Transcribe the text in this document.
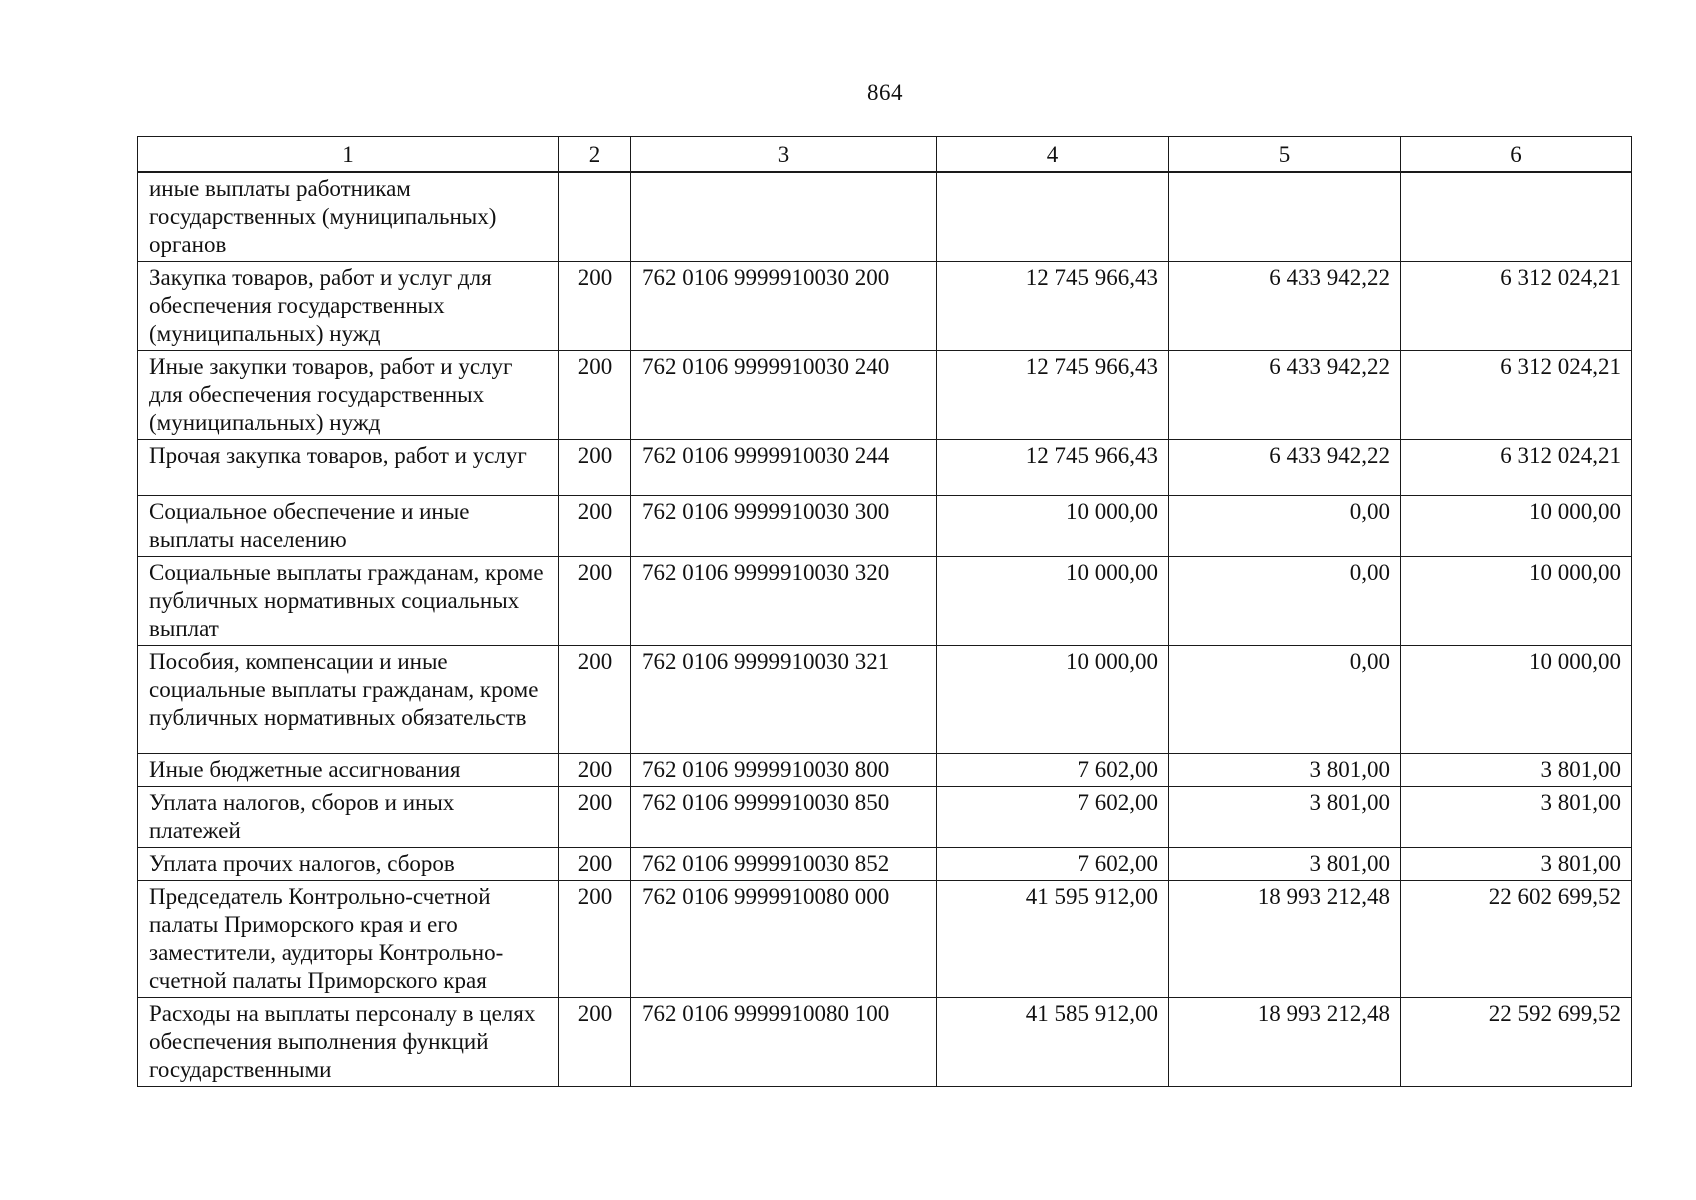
864
1	2	3	4	5	6
иные выплаты работникам государственных (муниципальных) органов					
Закупка товаров, работ и услуг для обеспечения государственных (муниципальных) нужд	200	762 0106 9999910030 200	12 745 966,43	6 433 942,22	6 312 024,21
Иные закупки товаров, работ и услуг для обеспечения государственных (муниципальных) нужд	200	762 0106 9999910030 240	12 745 966,43	6 433 942,22	6 312 024,21
Прочая закупка товаров, работ и услуг	200	762 0106 9999910030 244	12 745 966,43	6 433 942,22	6 312 024,21
Социальное обеспечение и иные выплаты населению	200	762 0106 9999910030 300	10 000,00	0,00	10 000,00
Социальные выплаты гражданам, кроме публичных нормативных социальных выплат	200	762 0106 9999910030 320	10 000,00	0,00	10 000,00
Пособия, компенсации и иные социальные выплаты гражданам, кроме публичных нормативных обязательств	200	762 0106 9999910030 321	10 000,00	0,00	10 000,00
Иные бюджетные ассигнования	200	762 0106 9999910030 800	7 602,00	3 801,00	3 801,00
Уплата налогов, сборов и иных платежей	200	762 0106 9999910030 850	7 602,00	3 801,00	3 801,00
Уплата прочих налогов, сборов	200	762 0106 9999910030 852	7 602,00	3 801,00	3 801,00
Председатель Контрольно-счетной палаты Приморского края и его заместители, аудиторы Контрольно-счетной палаты Приморского края	200	762 0106 9999910080 000	41 595 912,00	18 993 212,48	22 602 699,52
Расходы на выплаты персоналу в целях обеспечения выполнения функций государственными	200	762 0106 9999910080 100	41 585 912,00	18 993 212,48	22 592 699,52
